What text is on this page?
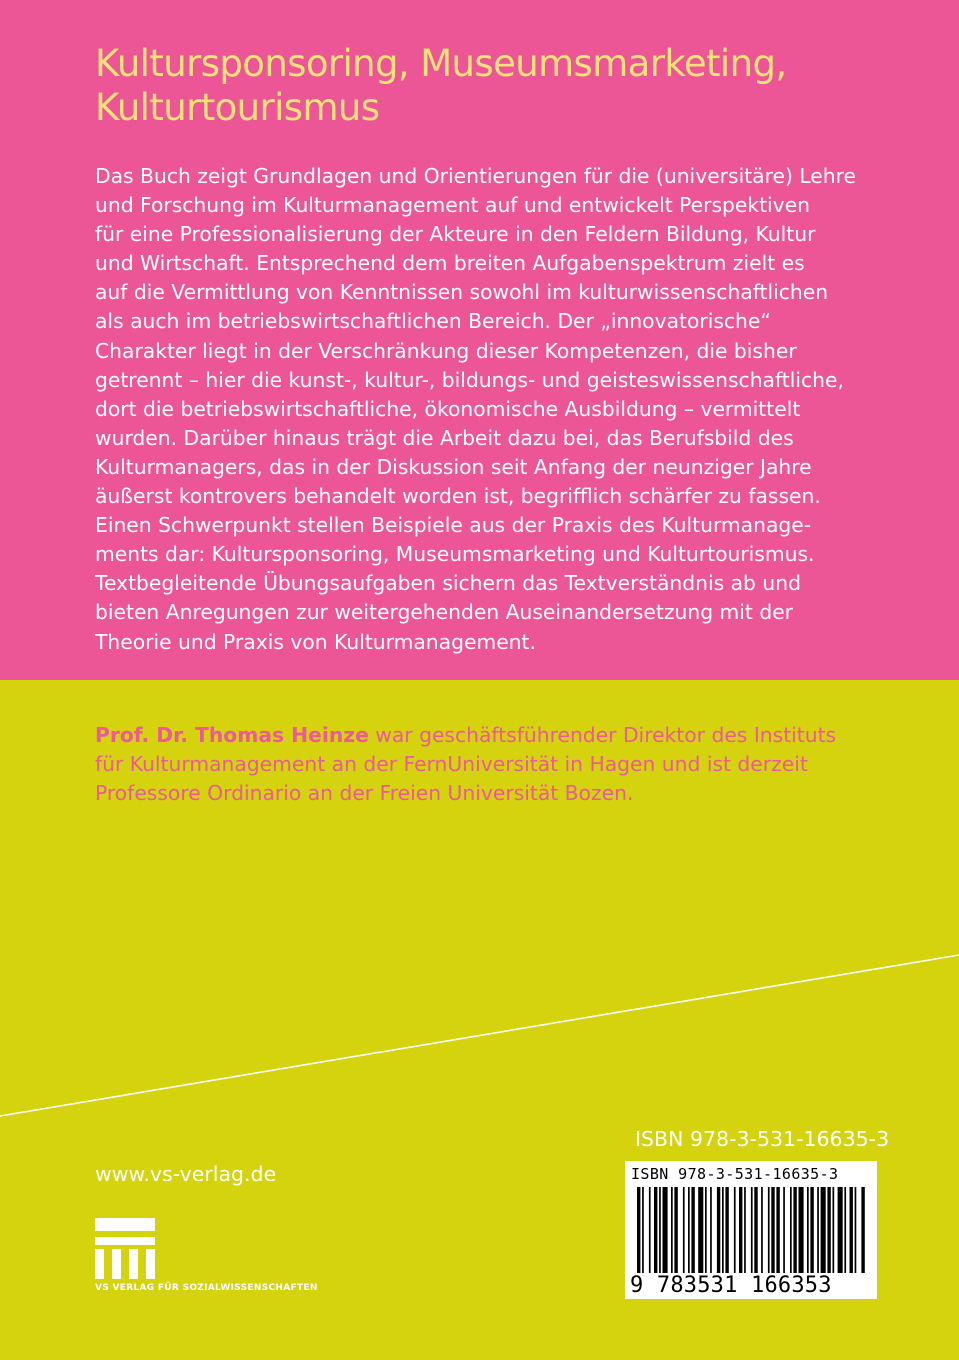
Kultursponsoring, Museumsmarketing,
Kulturtourismus
Das Buch zeigt Grundlagen und Orientierungen für die (universitäre) Lehre
und Forschung im Kulturmanagement auf und entwickelt Perspektiven
für eine Professionalisierung der Akteure in den Feldern Bildung, Kultur
und Wirtschaft. Entsprechend dem breiten Aufgabenspektrum zielt es
auf die Vermittlung von Kenntnissen sowohl im kulturwissenschaftlichen
als auch im betriebswirtschaftlichen Bereich. Der „innovatorische“
Charakter liegt in der Verschränkung dieser Kompetenzen, die bisher
getrennt – hier die kunst-, kultur-, bildungs- und geisteswissenschaftliche,
dort die betriebswirtschaftliche, ökonomische Ausbildung – vermittelt
wurden. Darüber hinaus trägt die Arbeit dazu bei, das Berufsbild des
Kulturmanagers, das in der Diskussion seit Anfang der neunziger Jahre
äußerst kontrovers behandelt worden ist, begrifflich schärfer zu fassen.
Einen Schwerpunkt stellen Beispiele aus der Praxis des Kulturmanage-
ments dar: Kultursponsoring, Museumsmarketing und Kulturtourismus.
Textbegleitende Übungsaufgaben sichern das Textverständnis ab und
bieten Anregungen zur weitergehenden Auseinandersetzung mit der
Theorie und Praxis von Kulturmanagement.
Prof. Dr. Thomas Heinze war geschäftsführender Direktor des Instituts
für Kulturmanagement an der FernUniversität in Hagen und ist derzeit
Professore Ordinario an der Freien Universität Bozen.
ISBN 978-3-531-16635-3
www.vs-verlag.de
VS VERLAG FÜR SOZIALWISSENSCHAFTEN
ISBN 978-3-531-16635-3
9 783531 166353
